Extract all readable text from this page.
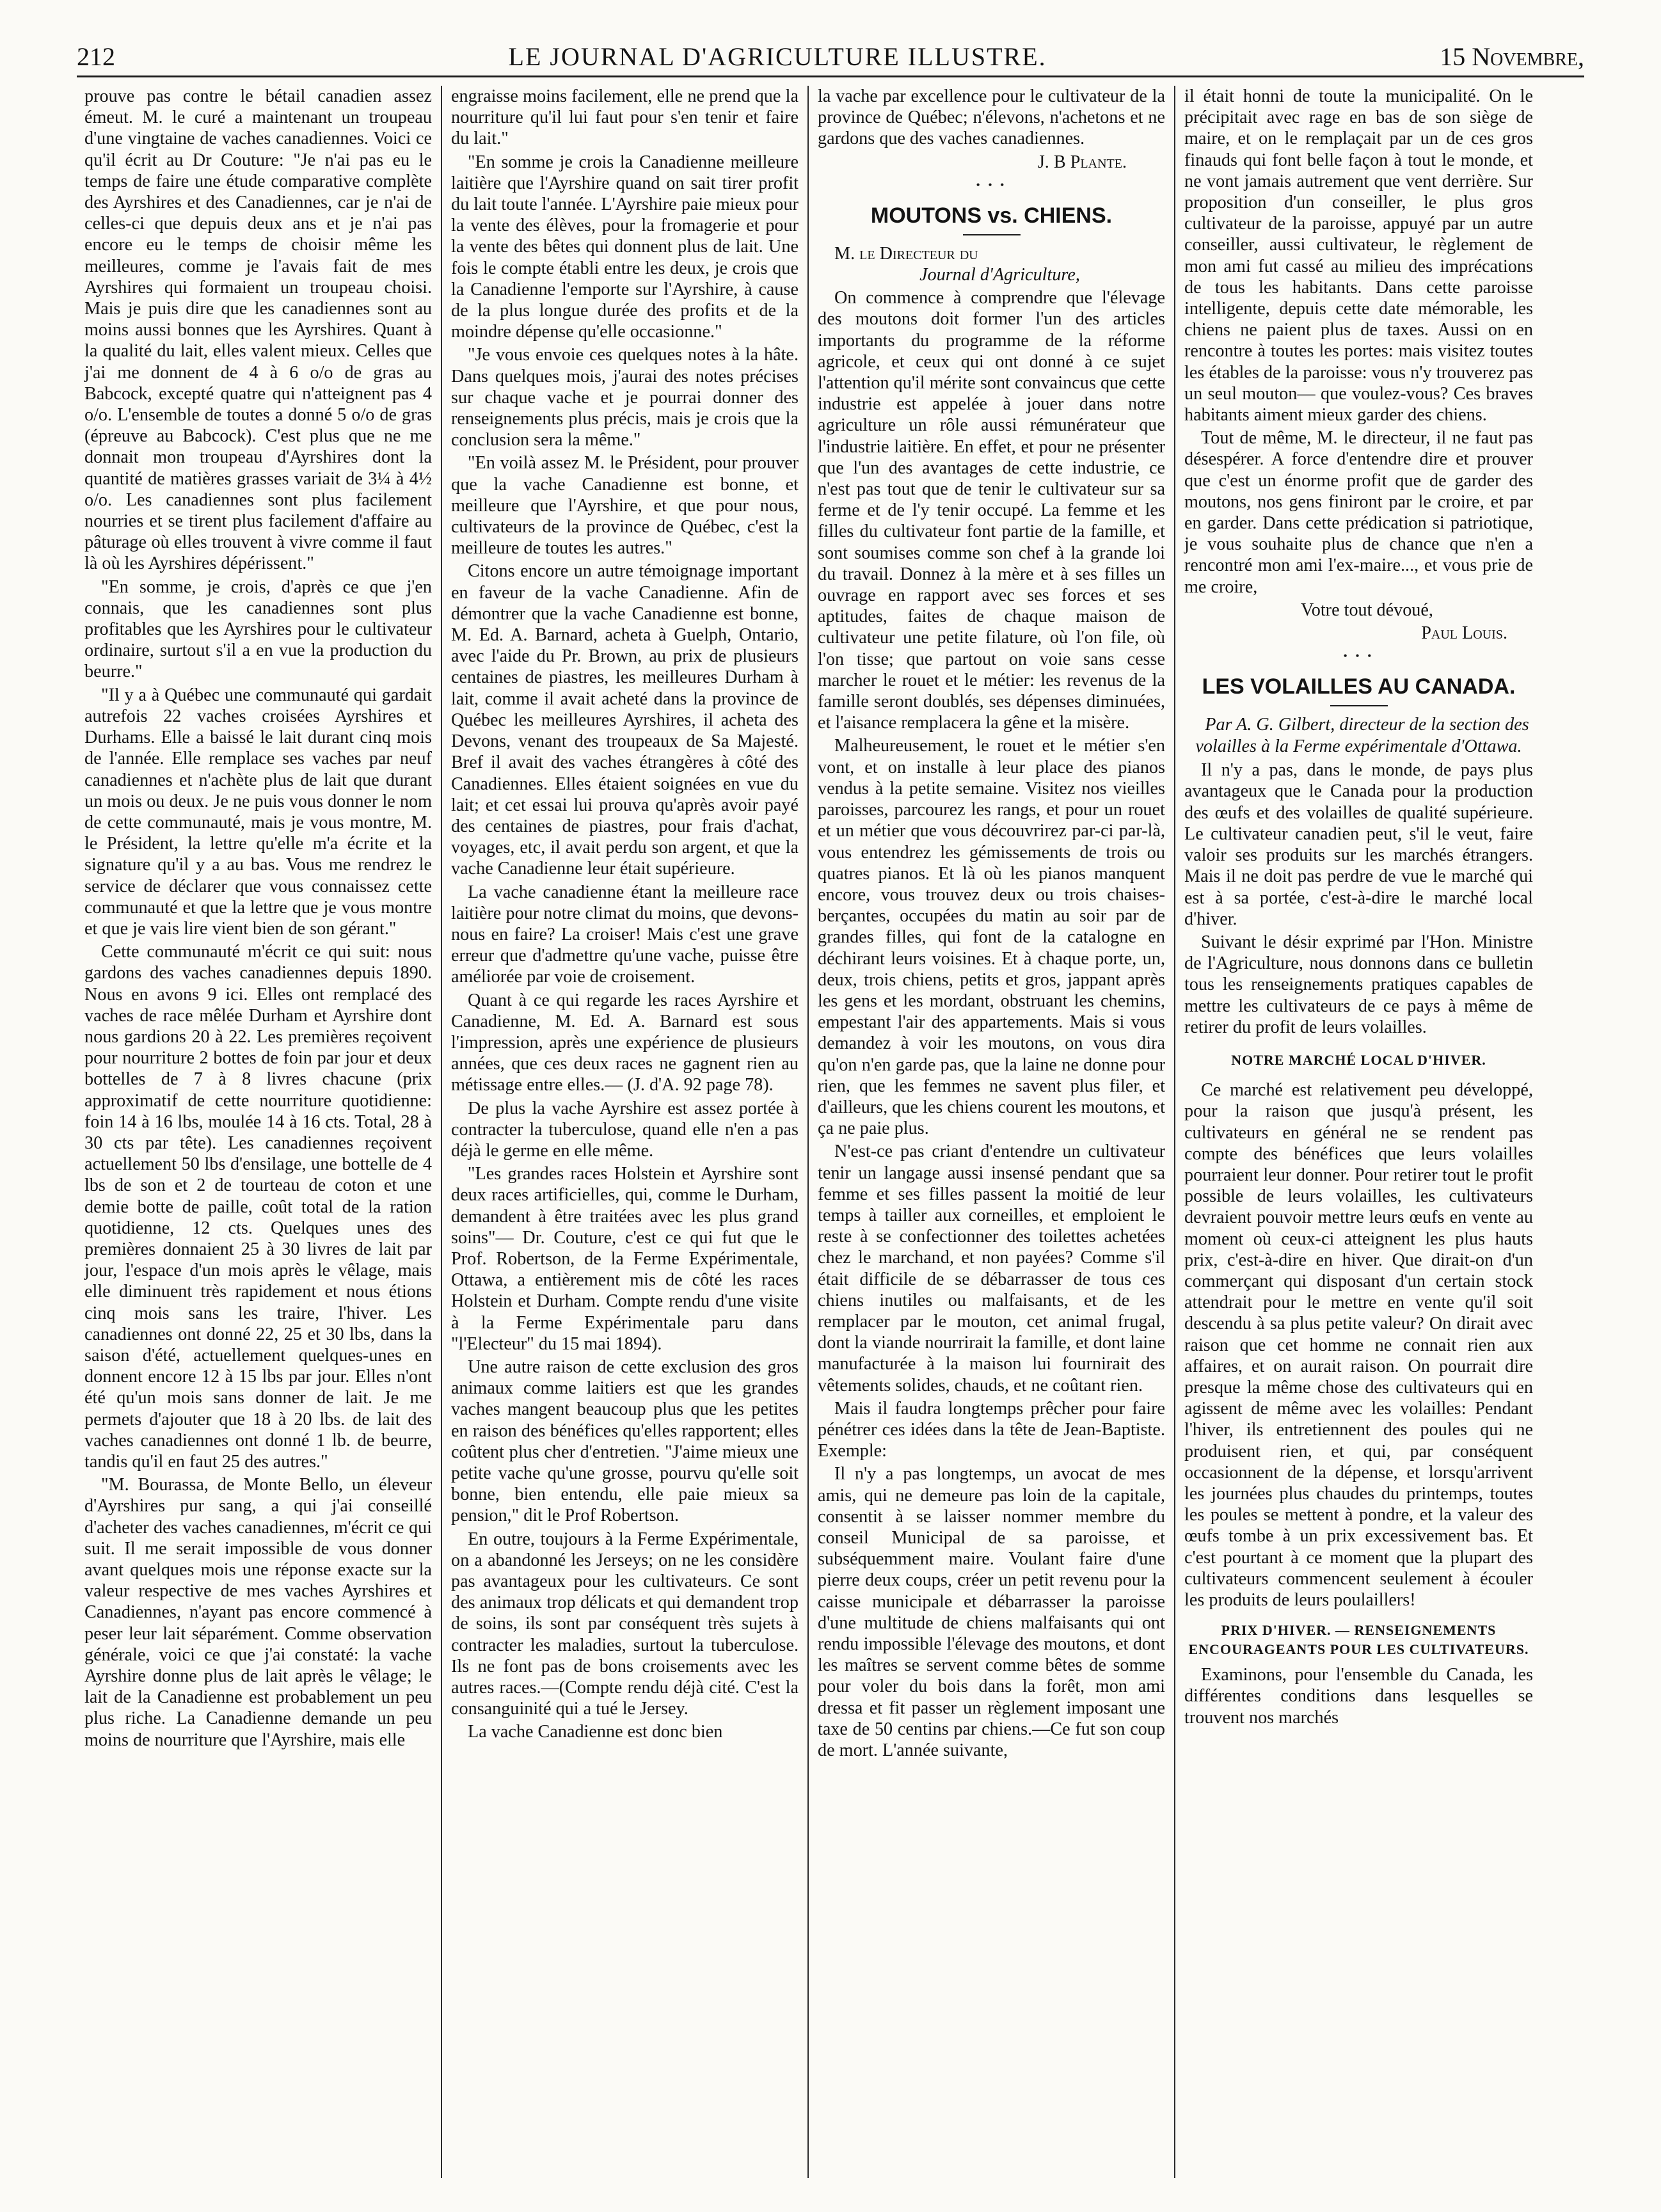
212	LE JOURNAL D'AGRICULTURE ILLUSTRE.	15 Novembre,

prouve pas contre le bétail canadien assez émeut. M. le curé a maintenant un troupeau d'une vingtaine de vaches canadiennes. Voici ce qu'il écrit au Dr Couture: "Je n'ai pas eu le temps de faire une étude comparative complète des Ayrshires et des Canadiennes, car je n'ai de celles-ci que depuis deux ans et je n'ai pas encore eu le temps de choisir même les meilleures, comme je l'avais fait de mes Ayrshires qui formaient un troupeau choisi. Mais je puis dire que les canadiennes sont au moins aussi bonnes que les Ayrshires. Quant à la qualité du lait, elles valent mieux. Celles que j'ai me donnent de 4 à 6 o/o de gras au Babcock, excepté quatre qui n'atteignent pas 4 o/o. L'ensemble de toutes a donné 5 o/o de gras (épreuve au Babcock). C'est plus que ne me donnait mon troupeau d'Ayrshires dont la quantité de matières grasses variait de 3¼ à 4½ o/o. Les canadiennes sont plus facilement nourries et se tirent plus facilement d'affaire au pâturage où elles trouvent à vivre comme il faut là où les Ayrshires dépérissent."

"En somme, je crois, d'après ce que j'en connais, que les canadiennes sont plus profitables que les Ayrshires pour le cultivateur ordinaire, surtout s'il a en vue la production du beurre."

"Il y a à Québec une communauté qui gardait autrefois 22 vaches croisées Ayrshires et Durhams. Elle a baissé le lait durant cinq mois de l'année. Elle remplace ses vaches par neuf canadiennes et n'achète plus de lait que durant un mois ou deux. Je ne puis vous donner le nom de cette communauté, mais je vous montre, M. le Président, la lettre qu'elle m'a écrite et la signature qu'il y a au bas. Vous me rendrez le service de déclarer que vous connaissez cette communauté et que la lettre que je vous montre et que je vais lire vient bien de son gérant."

Cette communauté m'écrit ce qui suit: nous gardons des vaches canadiennes depuis 1890. Nous en avons 9 ici. Elles ont remplacé des vaches de race mêlée Durham et Ayrshire dont nous gardions 20 à 22. Les premières reçoivent pour nourriture 2 bottes de foin par jour et deux bottelles de 7 à 8 livres chacune (prix approximatif de cette nourriture quotidienne: foin 14 à 16 lbs, moulée 14 à 16 cts. Total, 28 à 30 cts par tête). Les canadiennes reçoivent actuellement 50 lbs d'ensilage, une bottelle de 4 lbs de son et 2 de tourteau de coton et une demie botte de paille, coût total de la ration quotidienne, 12 cts. Quelques unes des premières donnaient 25 à 30 livres de lait par jour, l'espace d'un mois après le vêlage, mais elle diminuent très rapidement et nous étions cinq mois sans les traire, l'hiver. Les canadiennes ont donné 22, 25 et 30 lbs, dans la saison d'été, actuellement quelques-unes en donnent encore 12 à 15 lbs par jour. Elles n'ont été qu'un mois sans donner de lait. Je me permets d'ajouter que 18 à 20 lbs. de lait des vaches canadiennes ont donné 1 lb. de beurre, tandis qu'il en faut 25 des autres."

"M. Bourassa, de Monte Bello, un éleveur d'Ayrshires pur sang, a qui j'ai conseillé d'acheter des vaches canadiennes, m'écrit ce qui suit. Il me serait impossible de vous donner avant quelques mois une réponse exacte sur la valeur respective de mes vaches Ayrshires et Canadiennes, n'ayant pas encore commencé à peser leur lait séparément. Comme observation générale, voici ce que j'ai constaté: la vache Ayrshire donne plus de lait après le vêlage; le lait de la Canadienne est probablement un peu plus riche. La Canadienne demande un peu moins de nourriture que l'Ayrshire, mais elle

engraisse moins facilement, elle ne prend que la nourriture qu'il lui faut pour s'en tenir et faire du lait."

"En somme je crois la Canadienne meilleure laitière que l'Ayrshire quand on sait tirer profit du lait toute l'année. L'Ayrshire paie mieux pour la vente des élèves, pour la fromagerie et pour la vente des bêtes qui donnent plus de lait. Une fois le compte établi entre les deux, je crois que la Canadienne l'emporte sur l'Ayrshire, à cause de la plus longue durée des profits et de la moindre dépense qu'elle occasionne."

"Je vous envoie ces quelques notes à la hâte. Dans quelques mois, j'aurai des notes précises sur chaque vache et je pourrai donner des renseignements plus précis, mais je crois que la conclusion sera la même."

"En voilà assez M. le Président, pour prouver que la vache Canadienne est bonne, et meilleure que l'Ayrshire, et que pour nous, cultivateurs de la province de Québec, c'est la meilleure de toutes les autres."

Citons encore un autre témoignage important en faveur de la vache Canadienne. Afin de démontrer que la vache Canadienne est bonne, M. Ed. A. Barnard, acheta à Guelph, Ontario, avec l'aide du Pr. Brown, au prix de plusieurs centaines de piastres, les meilleures Durham à lait, comme il avait acheté dans la province de Québec les meilleures Ayrshires, il acheta des Devons, venant des troupeaux de Sa Majesté. Bref il avait des vaches étrangères à côté des Canadiennes. Elles étaient soignées en vue du lait; et cet essai lui prouva qu'après avoir payé des centaines de piastres, pour frais d'achat, voyages, etc, il avait perdu son argent, et que la vache Canadienne leur était supérieure.

La vache canadienne étant la meilleure race laitière pour notre climat du moins, que devons-nous en faire? La croiser! Mais c'est une grave erreur que d'admettre qu'une vache, puisse être améliorée par voie de croisement.

Quant à ce qui regarde les races Ayrshire et Canadienne, M. Ed. A. Barnard est sous l'impression, après une expérience de plusieurs années, que ces deux races ne gagnent rien au métissage entre elles.— (J. d'A. 92 page 78).

De plus la vache Ayrshire est assez portée à contracter la tuberculose, quand elle n'en a pas déjà le germe en elle même.

"Les grandes races Holstein et Ayrshire sont deux races artificielles, qui, comme le Durham, demandent à être traitées avec les plus grand soins"— Dr. Couture, c'est ce qui fut que le Prof. Robertson, de la Ferme Expérimentale, Ottawa, a entièrement mis de côté les races Holstein et Durham. Compte rendu d'une visite à la Ferme Expérimentale paru dans "l'Electeur" du 15 mai 1894).

Une autre raison de cette exclusion des gros animaux comme laitiers est que les grandes vaches mangent beaucoup plus que les petites en raison des bénéfices qu'elles rapportent; elles coûtent plus cher d'entretien. "J'aime mieux une petite vache qu'une grosse, pourvu qu'elle soit bonne, bien entendu, elle paie mieux sa pension," dit le Prof Robertson.

En outre, toujours à la Ferme Expérimentale, on a abandonné les Jerseys; on ne les considère pas avantageux pour les cultivateurs. Ce sont des animaux trop délicats et qui demandent trop de soins, ils sont par conséquent très sujets à contracter les maladies, surtout la tuberculose. Ils ne font pas de bons croisements avec les autres races.—(Compte rendu déjà cité. C'est la consanguinité qui a tué le Jersey.

La vache Canadienne est donc bien

la vache par excellence pour le cultivateur de la province de Québec; n'élevons, n'achetons et ne gardons que des vaches canadiennes.

J. B Plante.

• • •
MOUTONS vs. CHIENS.

M. le Directeur du
Journal d'Agriculture,

On commence à comprendre que l'élevage des moutons doit former l'un des articles importants du programme de la réforme agricole, et ceux qui ont donné à ce sujet l'attention qu'il mérite sont convaincus que cette industrie est appelée à jouer dans notre agriculture un rôle aussi rémunérateur que l'industrie laitière. En effet, et pour ne présenter que l'un des avantages de cette industrie, ce n'est pas tout que de tenir le cultivateur sur sa ferme et de l'y tenir occupé. La femme et les filles du cultivateur font partie de la famille, et sont soumises comme son chef à la grande loi du travail. Donnez à la mère et à ses filles un ouvrage en rapport avec ses forces et ses aptitudes, faites de chaque maison de cultivateur une petite filature, où l'on file, où l'on tisse; que partout on voie sans cesse marcher le rouet et le métier: les revenus de la famille seront doublés, ses dépenses diminuées, et l'aisance remplacera la gêne et la misère.

Malheureusement, le rouet et le métier s'en vont, et on installe à leur place des pianos vendus à la petite semaine. Visitez nos vieilles paroisses, parcourez les rangs, et pour un rouet et un métier que vous découvrirez par-ci par-là, vous entendrez les gémissements de trois ou quatres pianos. Et là où les pianos manquent encore, vous trouvez deux ou trois chaises-berçantes, occupées du matin au soir par de grandes filles, qui font de la catalogne en déchirant leurs voisines. Et à chaque porte, un, deux, trois chiens, petits et gros, jappant après les gens et les mordant, obstruant les chemins, empestant l'air des appartements. Mais si vous demandez à voir les moutons, on vous dira qu'on n'en garde pas, que la laine ne donne pour rien, que les femmes ne savent plus filer, et d'ailleurs, que les chiens courent les moutons, et ça ne paie plus.

N'est-ce pas criant d'entendre un cultivateur tenir un langage aussi insensé pendant que sa femme et ses filles passent la moitié de leur temps à tailler aux corneilles, et emploient le reste à se confectionner des toilettes achetées chez le marchand, et non payées? Comme s'il était difficile de se débarrasser de tous ces chiens inutiles ou malfaisants, et de les remplacer par le mouton, cet animal frugal, dont la viande nourrirait la famille, et dont laine manufacturée à la maison lui fournirait des vêtements solides, chauds, et ne coûtant rien.

Mais il faudra longtemps prêcher pour faire pénétrer ces idées dans la tête de Jean-Baptiste. Exemple:

Il n'y a pas longtemps, un avocat de mes amis, qui ne demeure pas loin de la capitale, consentit à se laisser nommer membre du conseil Municipal de sa paroisse, et subséquemment maire. Voulant faire d'une pierre deux coups, créer un petit revenu pour la caisse municipale et débarrasser la paroisse d'une multitude de chiens malfaisants qui ont rendu impossible l'élevage des moutons, et dont les maîtres se servent comme bêtes de somme pour voler du bois dans la forêt, mon ami dressa et fit passer un règlement imposant une taxe de 50 centins par chiens.—Ce fut son coup de mort. L'année suivante,

il était honni de toute la municipalité. On le précipitait avec rage en bas de son siège de maire, et on le remplaçait par un de ces gros finauds qui font belle façon à tout le monde, et ne vont jamais autrement que vent derrière. Sur proposition d'un conseiller, le plus gros cultivateur de la paroisse, appuyé par un autre conseiller, aussi cultivateur, le règlement de mon ami fut cassé au milieu des imprécations de tous les habitants. Dans cette paroisse intelligente, depuis cette date mémorable, les chiens ne paient plus de taxes. Aussi on en rencontre à toutes les portes: mais visitez toutes les étables de la paroisse: vous n'y trouverez pas un seul mouton— que voulez-vous? Ces braves habitants aiment mieux garder des chiens.

Tout de même, M. le directeur, il ne faut pas désespérer. A force d'entendre dire et prouver que c'est un énorme profit que de garder des moutons, nos gens finiront par le croire, et par en garder. Dans cette prédication si patriotique, je vous souhaite plus de chance que n'en a rencontré mon ami l'ex-maire..., et vous prie de me croire,

Votre tout dévoué,

Paul Louis.

• • •
LES VOLAILLES AU CANADA.

Par A. G. Gilbert, directeur de la section des volailles à la Ferme expérimentale d'Ottawa.

Il n'y a pas, dans le monde, de pays plus avantageux que le Canada pour la production des œufs et des volailles de qualité supérieure. Le cultivateur canadien peut, s'il le veut, faire valoir ses produits sur les marchés étrangers. Mais il ne doit pas perdre de vue le marché qui est à sa portée, c'est-à-dire le marché local d'hiver.

Suivant le désir exprimé par l'Hon. Ministre de l'Agriculture, nous donnons dans ce bulletin tous les renseignements pratiques capables de mettre les cultivateurs de ce pays à même de retirer du profit de leurs volailles.

NOTRE MARCHÉ LOCAL D'HIVER.

Ce marché est relativement peu développé, pour la raison que jusqu'à présent, les cultivateurs en général ne se rendent pas compte des bénéfices que leurs volailles pourraient leur donner. Pour retirer tout le profit possible de leurs volailles, les cultivateurs devraient pouvoir mettre leurs œufs en vente au moment où ceux-ci atteignent les plus hauts prix, c'est-à-dire en hiver. Que dirait-on d'un commerçant qui disposant d'un certain stock attendrait pour le mettre en vente qu'il soit descendu à sa plus petite valeur? On dirait avec raison que cet homme ne connait rien aux affaires, et on aurait raison. On pourrait dire presque la même chose des cultivateurs qui en agissent de même avec les volailles: Pendant l'hiver, ils entretiennent des poules qui ne produisent rien, et qui, par conséquent occasionnent de la dépense, et lorsqu'arrivent les journées plus chaudes du printemps, toutes les poules se mettent à pondre, et la valeur des œufs tombe à un prix excessivement bas. Et c'est pourtant à ce moment que la plupart des cultivateurs commencent seulement à écouler les produits de leurs poulaillers!

PRIX D'HIVER. — RENSEIGNEMENTS ENCOURAGEANTS POUR LES CULTIVATEURS.

Examinons, pour l'ensemble du Canada, les différentes conditions dans lesquelles se trouvent nos marchés
